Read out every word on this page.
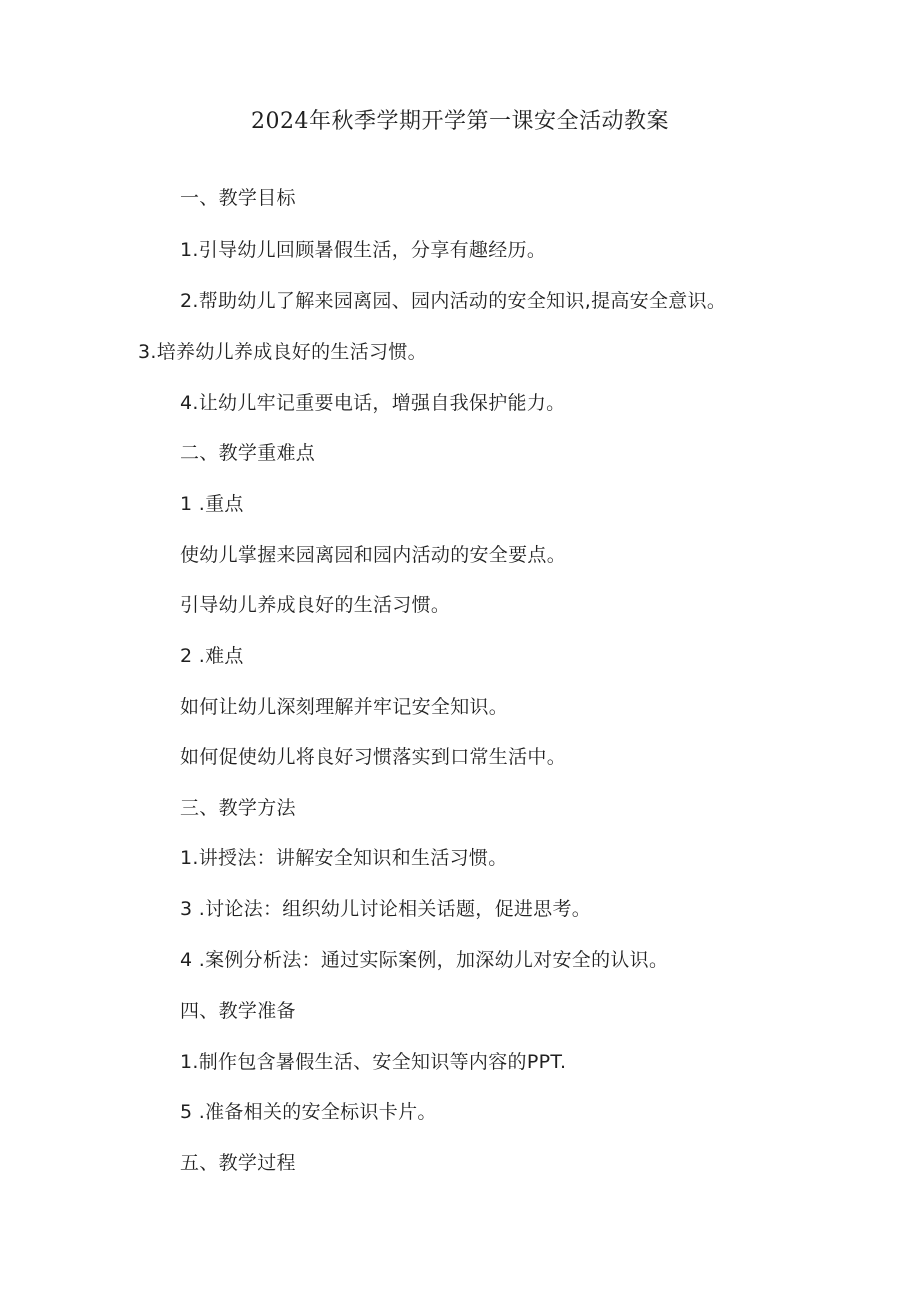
2024年秋季学期开学第一课安全活动教案

一、教学目标

1.引导幼儿回顾暑假生活，分享有趣经历。

2.帮助幼儿了解来园离园、园内活动的安全知识,提高安全意识。

3.培养幼儿养成良好的生活习惯。

4.让幼儿牢记重要电话，增强自我保护能力。

二、教学重难点

1 .重点

使幼儿掌握来园离园和园内活动的安全要点。

引导幼儿养成良好的生活习惯。

2 .难点

如何让幼儿深刻理解并牢记安全知识。

如何促使幼儿将良好习惯落实到口常生活中。

三、教学方法

1.讲授法：讲解安全知识和生活习惯。

3 .讨论法：组织幼儿讨论相关话题，促进思考。

4 .案例分析法：通过实际案例，加深幼儿对安全的认识。

四、教学准备

1.制作包含暑假生活、安全知识等内容的PPT.

5 .准备相关的安全标识卡片。

五、教学过程
